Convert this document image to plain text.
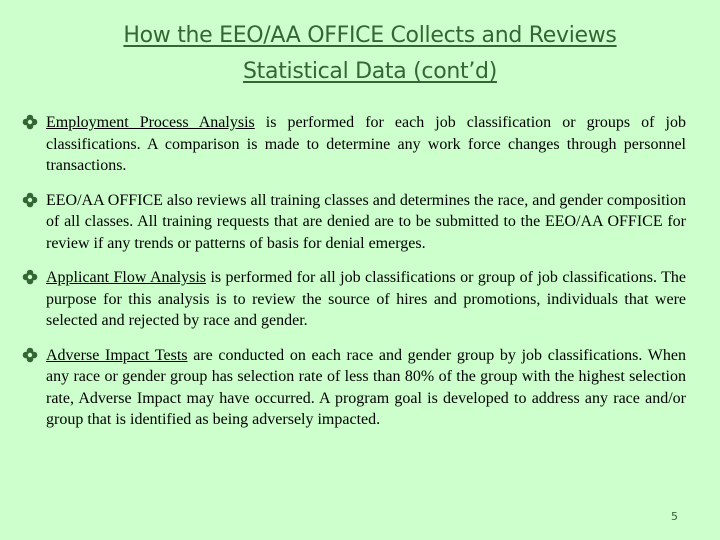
How the EEO/AA OFFICE Collects and Reviews
Statistical Data (cont’d)

Employment Process Analysis is performed for each job classification or groups of job classifications. A comparison is made to determine any work force changes through personnel transactions.

EEO/AA OFFICE also reviews all training classes and determines the race, and gender composition of all classes. All training requests that are denied are to be submitted to the EEO/AA OFFICE for review if any trends or patterns of basis for denial emerges.

Applicant Flow Analysis is performed for all job classifications or group of job classifications. The purpose for this analysis is to review the source of hires and promotions, individuals that were selected and rejected by race and gender.

Adverse Impact Tests are conducted on each race and gender group by job classifications. When any race or gender group has selection rate of less than 80% of the group with the highest selection rate, Adverse Impact may have occurred. A program goal is developed to address any race and/or group that is identified as being adversely impacted.

5
